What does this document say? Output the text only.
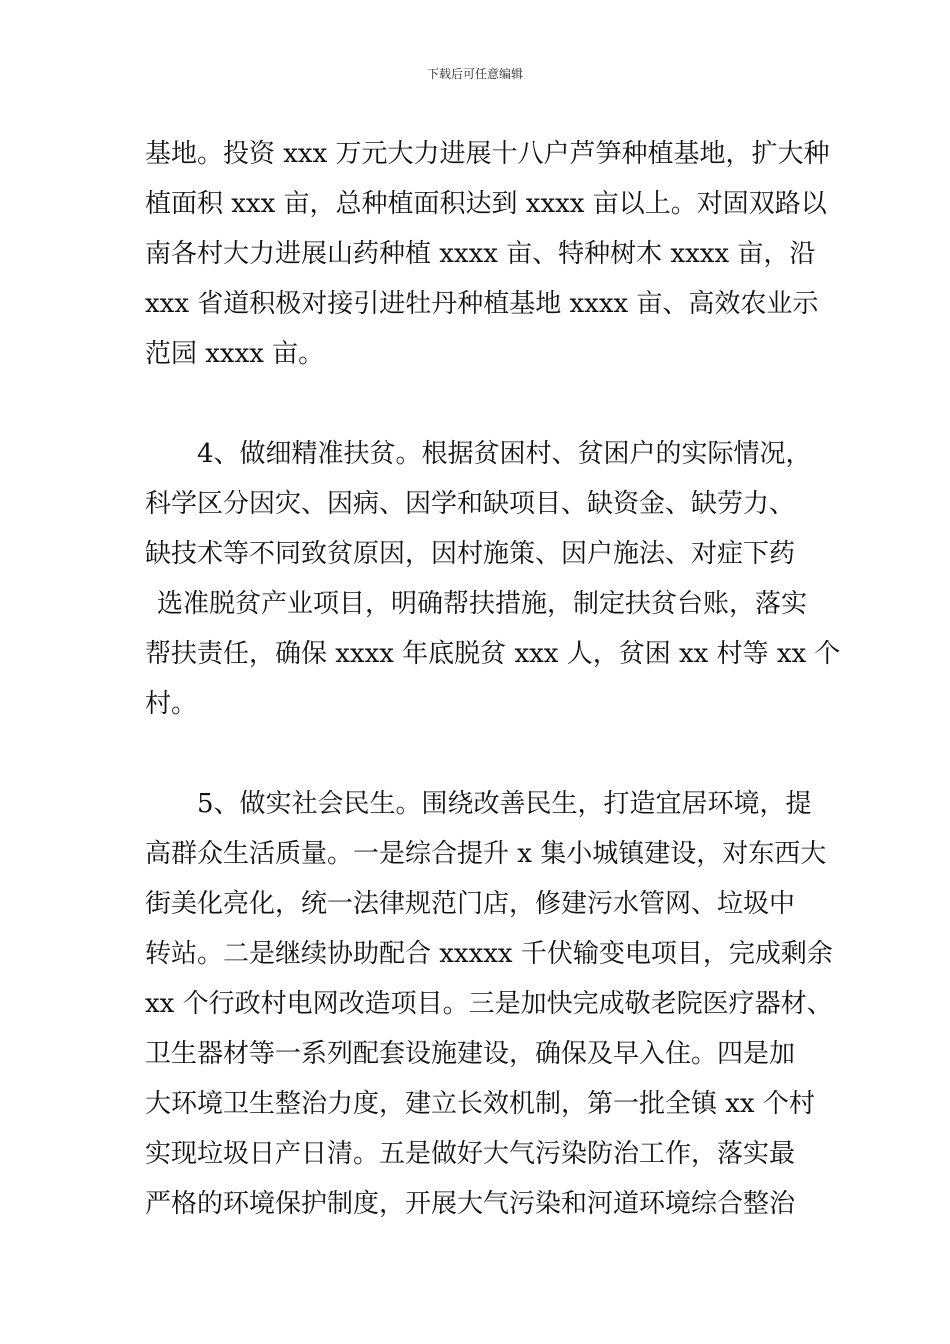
下载后可任意编辑
基地。投资 xxx 万元大力进展十八户芦笋种植基地，扩大种
植面积 xxx 亩，总种植面积达到 xxxx 亩以上。对固双路以
南各村大力进展山药种植 xxxx 亩、特种树木 xxxx 亩，沿
xxx 省道积极对接引进牡丹种植基地 xxxx 亩、高效农业示
范园 xxxx 亩。
4、做细精准扶贫。根据贫困村、贫困户的实际情况，
科学区分因灾、因病、因学和缺项目、缺资金、缺劳力、
缺技术等不同致贫原因，因村施策、因户施法、对症下药
选准脱贫产业项目，明确帮扶措施，制定扶贫台账，落实
帮扶责任，确保 xxxx 年底脱贫 xxx 人，贫困 xx 村等 xx 个
村。
5、做实社会民生。围绕改善民生，打造宜居环境，提
高群众生活质量。一是综合提升 x 集小城镇建设，对东西大
街美化亮化，统一法律规范门店，修建污水管网、垃圾中
转站。二是继续协助配合 xxxxx 千伏输变电项目，完成剩余
xx 个行政村电网改造项目。三是加快完成敬老院医疗器材、
卫生器材等一系列配套设施建设，确保及早入住。四是加
大环境卫生整治力度，建立长效机制，第一批全镇 xx 个村
实现垃圾日产日清。五是做好大气污染防治工作，落实最
严格的环境保护制度，开展大气污染和河道环境综合整治
